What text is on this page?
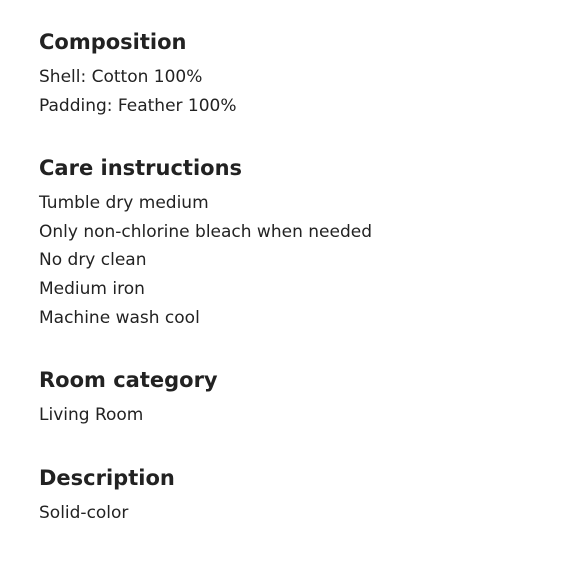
Composition
Shell: Cotton 100%
Padding: Feather 100%
Care instructions
Tumble dry medium
Only non-chlorine bleach when needed
No dry clean
Medium iron
Machine wash cool
Room category
Living Room
Description
Solid-color
